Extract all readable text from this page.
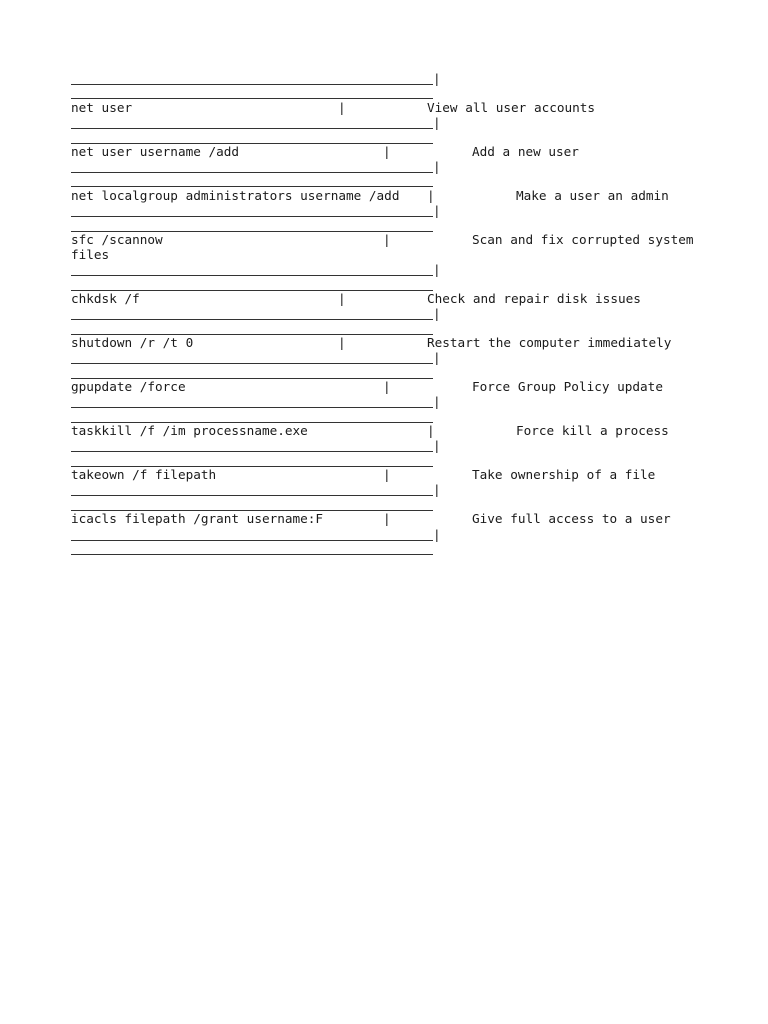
|
net user	|	View all user accounts
|
net user username /add	|	Add a new user
|
net localgroup administrators username /add |	Make a user an admin
|
sfc /scannow	|	Scan and fix corrupted system
files
|
chkdsk /f	|	Check and repair disk issues
|
shutdown /r /t 0	|	Restart the computer immediately
|
gpupdate /force	|	Force Group Policy update
|
taskkill /f /im processname.exe	|	Force kill a process
|
takeown /f filepath	|	Take ownership of a file
|
icacls filepath /grant username:F	|	Give full access to a user
|
